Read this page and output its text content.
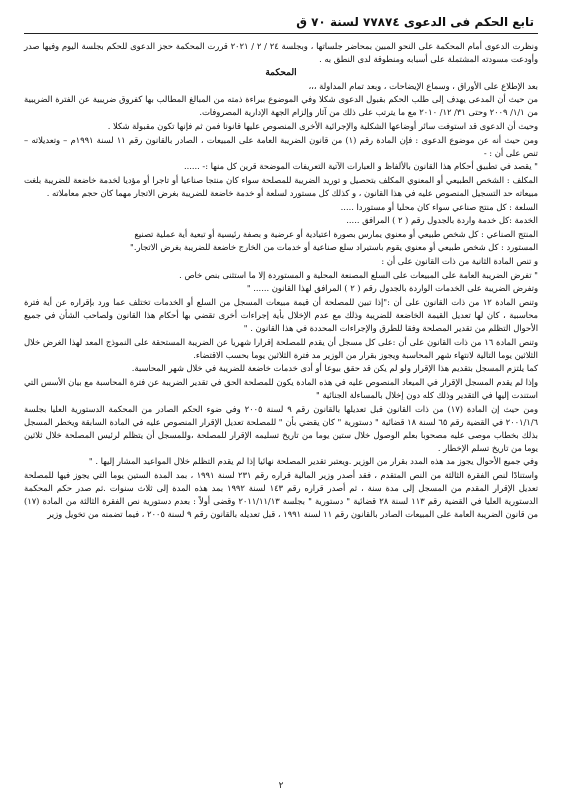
تابع الحكم فى الدعوى ٧٧٨٧٤ لسنة ٧٠ ق

ونظرت الدعوى أمام المحكمة على النحو المبين بمحاضر جلساتها ، وبجلسة ٢٤ / ٢ / ٢٠٢١ قررت المحكمة حجز الدعوى للحكم بجلسة اليوم وفيها صدر وأودعت مسودته المشتملة على أسبابه ومنطوقة لدى النطق به .

المحكمة

بعد الإطلاع على الأوراق ، وسماع الإيضاحات ، وبعد تمام المداولة ،،،

من حيث أن المدعى يهدف إلى طلب الحكم بقبول الدعوى شكلا وفي الموضوع ببراءة ذمته من المبالغ المطالب بها كفروق ضريبية عن الفترة الضريبية من ١/١/ ٢٠٠٩ وحتى ٣١/ ١٢/ ٢٠١٠ مع ما يترتب على ذلك من آثار وإلزام الجهة الإدارية المصروفات.

وحيث أن الدعوى قد استوفت سائر أوضاعها الشكلية والإجرائية الأخرى المنصوص عليها قانونا فمن ثم فإنها تكون مقبولة شكلا .

ومن حيث أنه عن موضوع الدعوى : فإن المادة رقم (١) من قانون الضريبة العامة على المبيعات ، الصادر بالقانون رقم ١١ لسنة ١٩٩١م – وتعديلاته – تنص على أن : -

" يقصد في تطبيق أحكام هذا القانون بالألفاظ و العبارات الآتية التعريفات الموضحة قرين كل منها :- ......

المكلف : الشخص الطبيعي أو المعنوي المكلف بتحصيل و توريد الضريبة للمصلحة سواء كان منتجا صناعيا أو تاجرا أو مؤديا لخدمة خاضعة للضريبة بلغت مبيعاته حد التسجيل المنصوص عليه في هذا القانون ، و كذلك كل مستورد لسلعة أو خدمة خاضعة للضريبة بغرض الاتجار مهما كان حجم معاملاته .

السلعة : كل منتج صناعي سواء كان محليا أو مستوردا .....

الخدمة :كل خدمة واردة بالجدول رقم ( ٢ ) المرافق .....

المنتج الصناعي : كل شخص طبيعي أو معنوي يمارس بصورة اعتيادية أو عرضية و بصفة رئيسية أو تبعية أية عملية تصنيع

المستورد : كل شخص طبيعي أو معنوي يقوم باستيراد سلع صناعية أو خدمات من الخارج خاضعة للضريبة بغرض الاتجار."

و تنص المادة الثانية من ذات القانون على أن :

" تفرض الضريبة العامة على المبيعات على السلع المصنعة المحلية و المستوردة إلا ما استثنى بنص خاص .

وتفرض الضريبة على الخدمات الواردة بالجدول رقم ( ٢ ) المرافق لهذا القانون ...... "

وتنص المادة ١٢ من ذات القانون على أن :"إذا تبين للمصلحة أن قيمة مبيعات المسجل من السلع أو الخدمات تختلف عما ورد بإقراره عن أية فترة محاسبية ، كان لها تعديل القيمة الخاضعة للضريبة وذلك مع عدم الإخلال بأية إجراءات أخرى تقضي بها أحكام هذا القانون ولصاحب الشأن في جميع الأحوال التظلم من تقدير المصلحة وفقا للطرق والإجراءات المحددة في هذا القانون . "

وتنص المادة ١٦ من ذات القانون على أن :على كل مسجل أن يقدم للمصلحة إقرارا شهريا عن الضريبة المستحقة على النموذج المعد لهذا الغرض خلال الثلاثين يوما التالية لانتهاء شهر المحاسبة ويجوز بقرار من الوزير مد فترة الثلاثين يوما بحسب الاقتضاء.

كما يلتزم المسجل بتقديم هذا الإقرار ولو لم يكن قد حقق بيوعا أو أدى خدمات خاضعة للضريبة في خلال شهر المحاسبة.

وإذا لم يقدم المسجل الإقرار في الميعاد المنصوص عليه في هذه المادة يكون للمصلحة الحق في تقدير الضريبة عن فترة المحاسبة مع بيان الأسس التي استندت إليها في التقدير وذلك كله دون إخلال بالمساءلة الجنائية "

ومن حيث إن المادة (١٧) من ذات القانون قبل تعديلها بالقانون رقم ٩ لسنة ٢٠٠٥ وفي ضوء الحكم الصادر من المحكمة الدستورية العليا بجلسة ٢٠٠١/١/٦ في القضية رقم ٦٥ لسنة ١٨ قضائية " دستورية " كان يقضي بأن " للمصلحة تعديل الإقرار المنصوص عليه في المادة السابقة ويخطر المسجل بذلك بخطاب موصى عليه مصحوبا بعلم الوصول خلال ستين يوما من تاريخ تسليمه الإقرار للمصلحة ،وللمسجل أن يتظلم لرئيس المصلحة خلال ثلاثين يوما من تاريخ تسلم الإخطار .

وفي جميع الأحوال يجوز مد هذه المدد بقرار من الوزير .ويعتبر تقدير المصلحة نهائيا إذا لم يقدم التظلم خلال المواعيد المشار إليها . "

واستنادًا لنص الفقرة الثالثة من النص المتقدم ، فقد أصدر وزير المالية قراره رقم ٢٣١ لسنة ١٩٩١ ، بمد المدة الستين يوما التي يجوز فيها للمصلحة تعديل الإقرار المقدم من المسجل إلى مدة سنة ، ثم أصدر قراره رقم ١٤٣ لسنة ١٩٩٢ بمد هذه المدة إلى ثلاث سنوات .ثم صدر حكم المحكمة الدستورية العليا في القضية رقم ١١٣ لسنة ٢٨ قضائية " دستورية " بجلسة ٢٠١١/١١/١٣ وقضى أولاً : بعدم دستورية نص الفقرة الثالثة من المادة (١٧) من قانون الضريبة العامة على المبيعات الصادر بالقانون رقم ١١ لسنة ١٩٩١ ، قبل تعديله بالقانون رقم ٩ لسنة ٢٠٠٥ ، فيما تضمنه من تخويل وزير

٢
